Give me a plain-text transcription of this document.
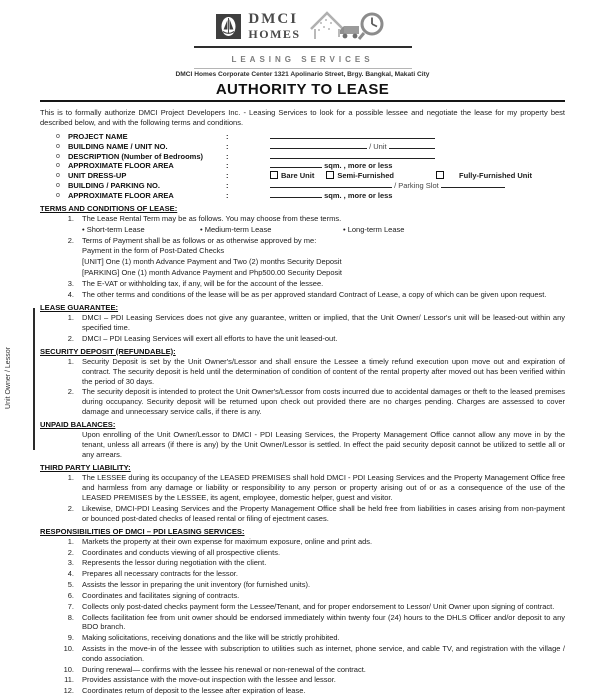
DMCI
HOMES
LEASING SERVICES
DMCI Homes Corporate Center 1321 Apolinario Street, Brgy. Bangkal, Makati City
AUTHORITY TO LEASE

This is to formally authorize DMCI Project Developers Inc. - Leasing Services to look for a possible lessee and negotiate the lease for my property best described below, and with the following terms and conditions.

o	PROJECT NAME	:
o	BUILDING NAME / UNIT NO.	:	/ Unit
o	DESCRIPTION (Number of Bedrooms)	:
o	APPROXIMATE FLOOR AREA	:	sqm. , more or less
o	UNIT DRESS-UP	:	Bare Unit	Semi-Furnished	Fully-Furnished Unit
o	BUILDING / PARKING NO.	:	/ Parking Slot
o	APPROXIMATE FLOOR AREA	:	sqm. , more or less
TERMS AND CONDITIONS OF LEASE:
1. The Lease Rental Term may be as follows. You may choose from these terms.
• Short-term Lease	• Medium-term Lease	• Long-term Lease
2. Terms of Payment shall be as follows or as otherwise approved by me:
Payment in the form of Post-Dated Checks
[UNIT] One (1) month Advance Payment and Two (2) months Security Deposit
[PARKING] One (1) month Advance Payment and Php500.00 Security Deposit
3. The E-VAT or withholding tax, if any, will be for the account of the lessee.
4. The other terms and conditions of the lease will be as per approved standard Contract of Lease, a copy of which can be given upon request.
LEASE GUARANTEE:
1. DMCI – PDI Leasing Services does not give any guarantee, written or implied, that the Unit Owner/ Lessor's unit will be leased-out within any specified time.
2. DMCI – PDI Leasing Services will exert all efforts to have the unit leased-out.
SECURITY DEPOSIT (REFUNDABLE):
1. Security Deposit is set by the Unit Owner's/Lessor and shall ensure the Lessee a timely refund execution upon move out and expiration of contract. The security deposit is held until the determination of condition of content of the rental property after moved out has been verified within the period of 30 days.
2. The security deposit is intended to protect the Unit Owner's/Lessor from costs incurred due to accidental damages or theft to the leased premises during occupancy. Security deposit will be returned upon check out provided there are no charges pending. Charges are assessed to cover damage and unnecessary service calls, if there is any.
UNPAID BALANCES:
Upon enrolling of the Unit Owner/Lessor to DMCI - PDI Leasing Services, the Property Management Office cannot allow any move in by the tenant, unless all arrears (if there is any) by the Unit Owner/Lessor is settled. In effect the paid security deposit cannot be utilized to settle all or any arrears.
THIRD PARTY LIABILITY:
1. The LESSEE during its occupancy of the LEASED PREMISES shall hold DMCI - PDI Leasing Services and the Property Management Office free and harmless from any damage or liability or responsibility to any person or property arising out of or as a consequence of the use of the LEASED PREMISES by the LESSEE, its agent, employee, domestic helper, guest and visitor.
2. Likewise, DMCI-PDI Leasing Services and the Property Management Office shall be held free from liabilities in cases arising from non-payment or bounced post-dated checks of leased rental or filing of ejectment cases.
RESPONSIBILITIES OF DMCI – PDI LEASING SERVICES:
1. Markets the property at their own expense for maximum exposure, online and print ads.
2. Coordinates and conducts viewing of all prospective clients.
3. Represents the lessor during negotiation with the client.
4. Prepares all necessary contracts for the lessor.
5. Assists the lessor in preparing the unit inventory (for furnished units).
6. Coordinates and facilitates signing of contracts.
7. Collects only post-dated checks payment form the Lessee/Tenant, and for proper endorsement to Lessor/ Unit Owner upon signing of contract.
8. Collects facilitation fee from unit owner should be endorsed immediately within twenty four (24) hours to the DHLS Officer and/or deposit to any BDO branch.
9. Making solicitations, receiving donations and the like will be strictly prohibited.
10. Assists in the move-in of the lessee with subscription to utilities such as internet, phone service, and cable TV, and registration with the village / condo association.
10. During renewal— confirms with the lessee his renewal or non-renewal of the contract.
11. Provides assistance with the move-out inspection with the lessee and lessor.
12. Coordinates return of deposit to the lessee after expiration of lease.
Unit Owner / Lessor
